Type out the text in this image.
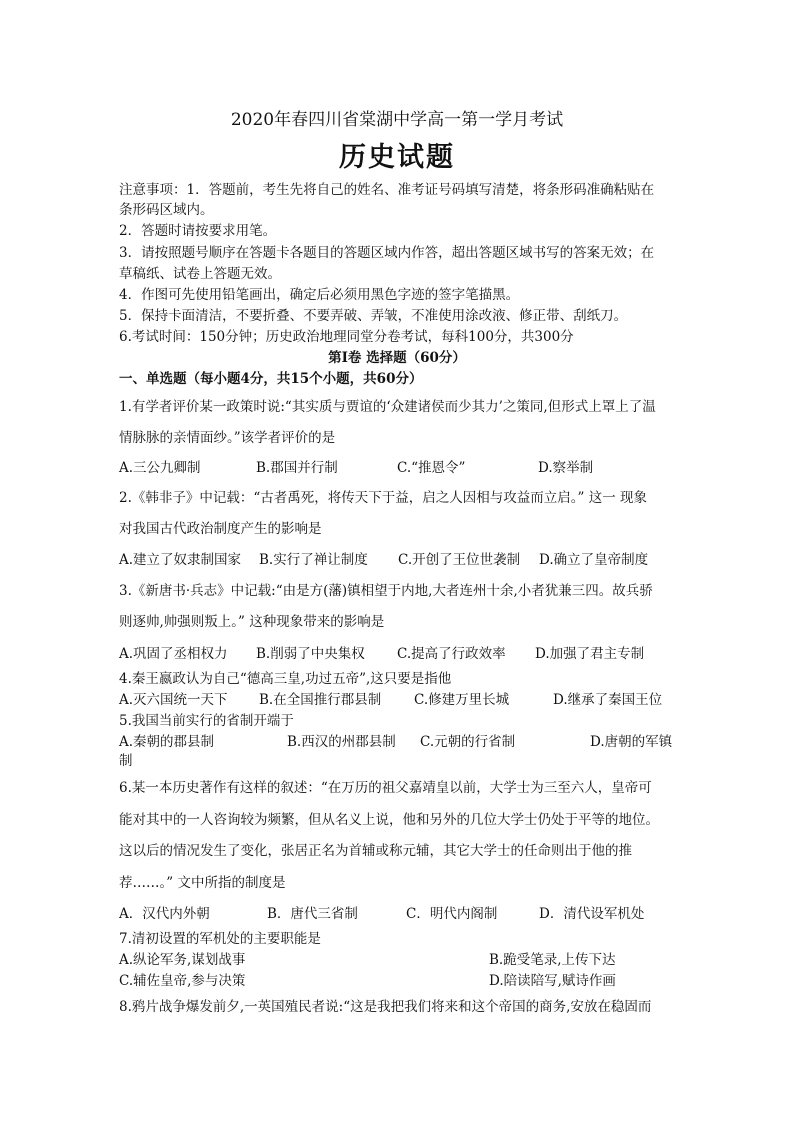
2020年春四川省棠湖中学高一第一学月考试
历史试题
注意事项：1．答题前，考生先将自己的姓名、准考证号码填写清楚，将条形码准确粘贴在
条形码区域内。
2．答题时请按要求用笔。
3．请按照题号顺序在答题卡各题目的答题区域内作答，超出答题区域书写的答案无效；在
草稿纸、试卷上答题无效。
4．作图可先使用铅笔画出，确定后必须用黑色字迹的签字笔描黑。
5．保持卡面清洁，不要折叠、不要弄破、弄皱，不准使用涂改液、修正带、刮纸刀。
6.考试时间：150分钟；历史政治地理同堂分卷考试，每科100分，共300分
第Ⅰ卷 选择题（60分）
一、单选题（每小题4分，共15个小题，共60分）
1.有学者评价某一政策时说:“其实质与贾谊的‘众建诸侯而少其力’之策同,但形式上罩上了温
情脉脉的亲情面纱。”该学者评价的是
A.三公九卿制	B.郡国并行制	C.“推恩令”	D.察举制
2.《韩非子》中记载：“古者禹死，将传天下于益，启之人因相与攻益而立启。” 这一 现象
对我国古代政治制度产生的影响是
A.建立了奴隶制国家 B.实行了禅让制度 C.开创了王位世袭制 D.确立了皇帝制度
3.《新唐书·兵志》中记载:“由是方(藩)镇相望于内地,大者连州十余,小者犹兼三四。故兵骄
则逐帅,帅强则叛上。” 这种现象带来的影响是
A.巩固了丞相权力 B.削弱了中央集权 C.提高了行政效率 D.加强了君主专制
4.秦王嬴政认为自己“德高三皇,功过五帝”,这只要是指他
A.灭六国统一天下 B.在全国推行郡县制 C.修建万里长城	D.继承了秦国王位
5.我国当前实行的省制开端于
A.秦朝的郡县制	B.西汉的州郡县制 C.元朝的行省制	D.唐朝的军镇
制
6.某一本历史著作有这样的叙述：“在万历的祖父嘉靖皇以前，大学士为三至六人，皇帝可
能对其中的一人咨询较为频繁，但从名义上说，他和另外的几位大学士仍处于平等的地位。
这以后的情况发生了变化，张居正名为首辅或称元辅，其它大学士的任命则出于他的推
荐……。” 文中所指的制度是
A．汉代内外朝	B．唐代三省制	C．明代内阁制	D．清代设军机处
7.清初设置的军机处的主要职能是
A.纵论军务,谋划战事	B.跪受笔录,上传下达
C.辅佐皇帝,参与决策	D.陪读陪写,赋诗作画
8.鸦片战争爆发前夕,一英国殖民者说:“这是我把我们将来和这个帝国的商务,安放在稳固而
